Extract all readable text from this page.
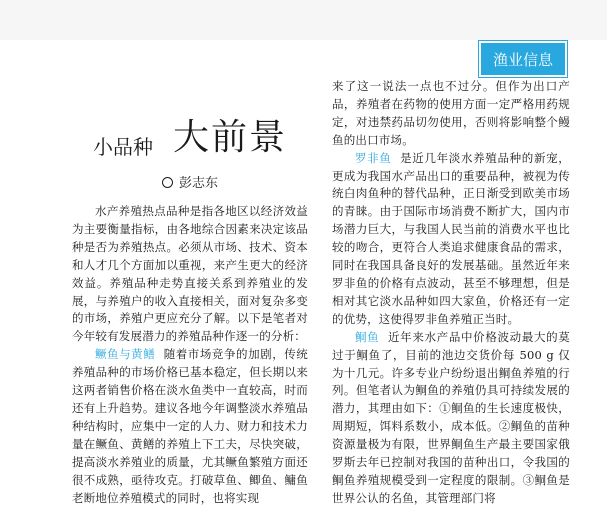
渔业信息
小品种 大前景
彭志东

水产养殖热点品种是指各地区以经济效益为主要衡量指标，由各地综合因素来决定该品种是否为养殖热点。必须从市场、技术、资本和人才几个方面加以重视，来产生更大的经济效益。养殖品种走势直接关系到养殖业的发展，与养殖户的收入直接相关，面对复杂多变的市场，养殖户更应充分了解。以下是笔者对今年较有发展潜力的养殖品种作逐一的分析：

鳜鱼与黄鳝 随着市场竞争的加剧，传统养殖品种的市场价格已基本稳定，但长期以来这两者销售价格在淡水鱼类中一直较高，时而还有上升趋势。建议各地今年调整淡水养殖品种结构时，应集中一定的人力、财力和技术力量在鳜鱼、黄鳝的养殖上下工夫，尽快突破，提高淡水养殖业的质量，尤其鳜鱼繁殖方面还很不成熟，亟待攻克。打破草鱼、鲫鱼、鳙鱼老断地位养殖模式的同时，也将实现

来了这一说法一点也不过分。但作为出口产品，养殖者在药物的使用方面一定严格用药规定，对违禁药品切勿使用，否则将影响整个鳗鱼的出口市场。

罗非鱼 是近几年淡水养殖品种的新宠，更成为我国水产品出口的重要品种，被视为传统白肉鱼种的替代品种，正日渐受到欧美市场的青睐。由于国际市场消费不断扩大，国内市场潜力巨大，与我国人民当前的消费水平也比较的吻合，更符合人类追求健康食品的需求，同时在我国具备良好的发展基础。虽然近年来罗非鱼的价格有点波动，甚至不够理想，但是相对其它淡水品种如四大家鱼，价格还有一定的优势，这使得罗非鱼养殖正当时。

鲖鱼 近年来水产品中价格波动最大的莫过于鲖鱼了，目前的池边交货价每 500 g 仅为十几元。许多专业户纷纷退出鲖鱼养殖的行列。但笔者认为鲖鱼的养殖仍具可持续发展的潜力，其理由如下：①鲖鱼的生长速度极快，周期短，饵料系数小，成本低。②鲖鱼的苗种资源量极为有限，世界鲖鱼生产最主要国家俄罗斯去年已控制对我国的苗种出口，令我国的鲖鱼养殖规模受到一定程度的限制。③鲖鱼是世界公认的名鱼，其管理部门将
